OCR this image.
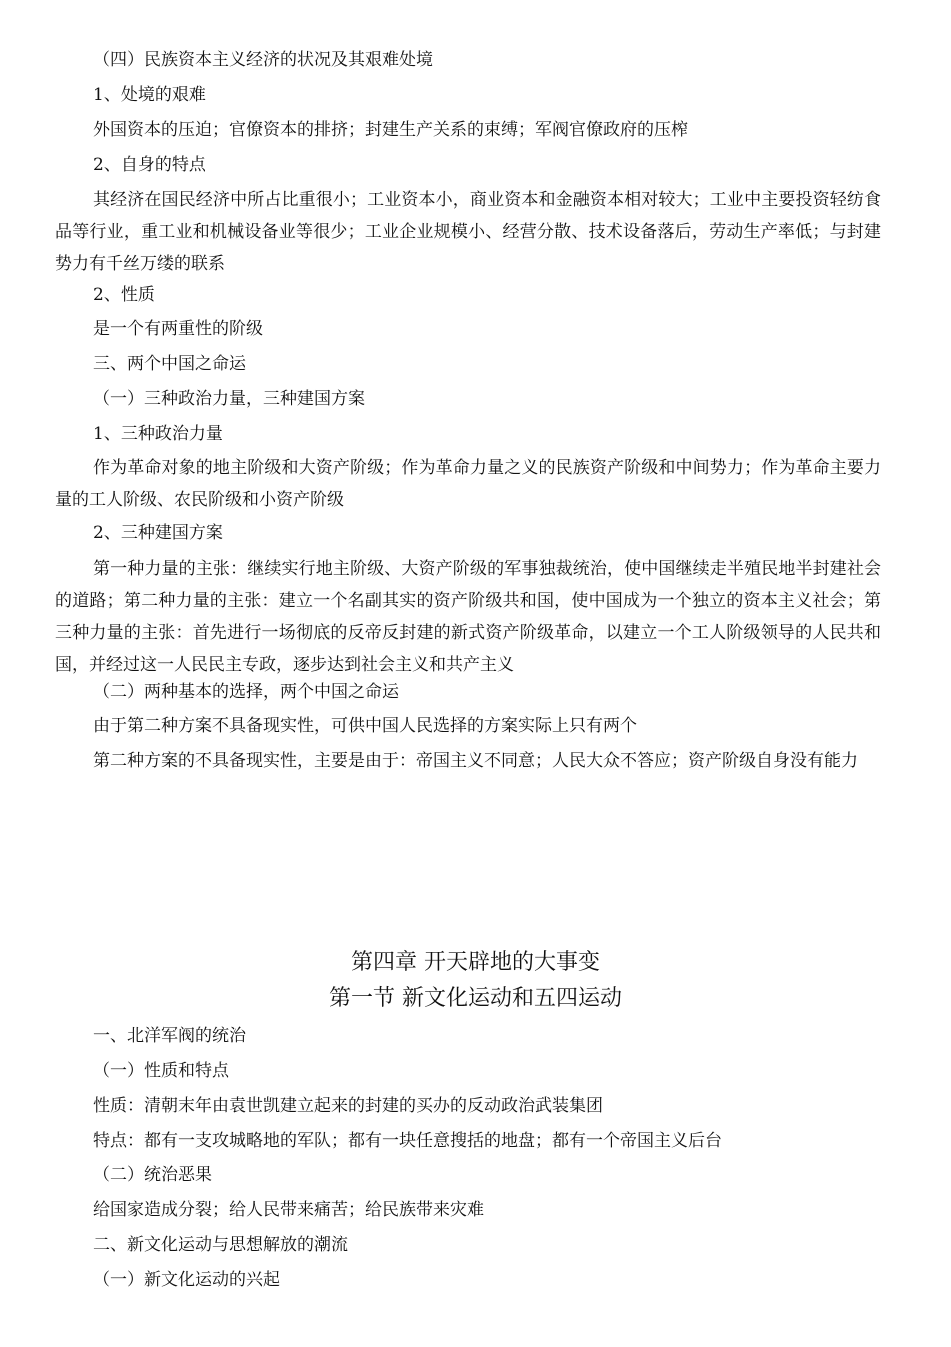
（四）民族资本主义经济的状况及其艰难处境
1、处境的艰难
外国资本的压迫；官僚资本的排挤；封建生产关系的束缚；军阀官僚政府的压榨
2、自身的特点
其经济在国民经济中所占比重很小；工业资本小，商业资本和金融资本相对较大；工业中主要投资轻纺食品等行业，重工业和机械设备业等很少；工业企业规模小、经营分散、技术设备落后，劳动生产率低；与封建势力有千丝万缕的联系
2、性质
是一个有两重性的阶级
三、两个中国之命运
（一）三种政治力量，三种建国方案
1、三种政治力量
作为革命对象的地主阶级和大资产阶级；作为革命力量之义的民族资产阶级和中间势力；作为革命主要力量的工人阶级、农民阶级和小资产阶级
2、三种建国方案
第一种力量的主张：继续实行地主阶级、大资产阶级的军事独裁统治，使中国继续走半殖民地半封建社会的道路；第二种力量的主张：建立一个名副其实的资产阶级共和国，使中国成为一个独立的资本主义社会；第三种力量的主张：首先进行一场彻底的反帝反封建的新式资产阶级革命，以建立一个工人阶级领导的人民共和国，并经过这一人民民主专政，逐步达到社会主义和共产主义
（二）两种基本的选择，两个中国之命运
由于第二种方案不具备现实性，可供中国人民选择的方案实际上只有两个
第二种方案的不具备现实性，主要是由于：帝国主义不同意；人民大众不答应；资产阶级自身没有能力
第四章 开天辟地的大事变
第一节 新文化运动和五四运动
一、北洋军阀的统治
（一）性质和特点
性质：清朝末年由袁世凯建立起来的封建的买办的反动政治武装集团
特点：都有一支攻城略地的军队；都有一块任意搜括的地盘；都有一个帝国主义后台
（二）统治恶果
给国家造成分裂；给人民带来痛苦；给民族带来灾难
二、新文化运动与思想解放的潮流
（一）新文化运动的兴起
